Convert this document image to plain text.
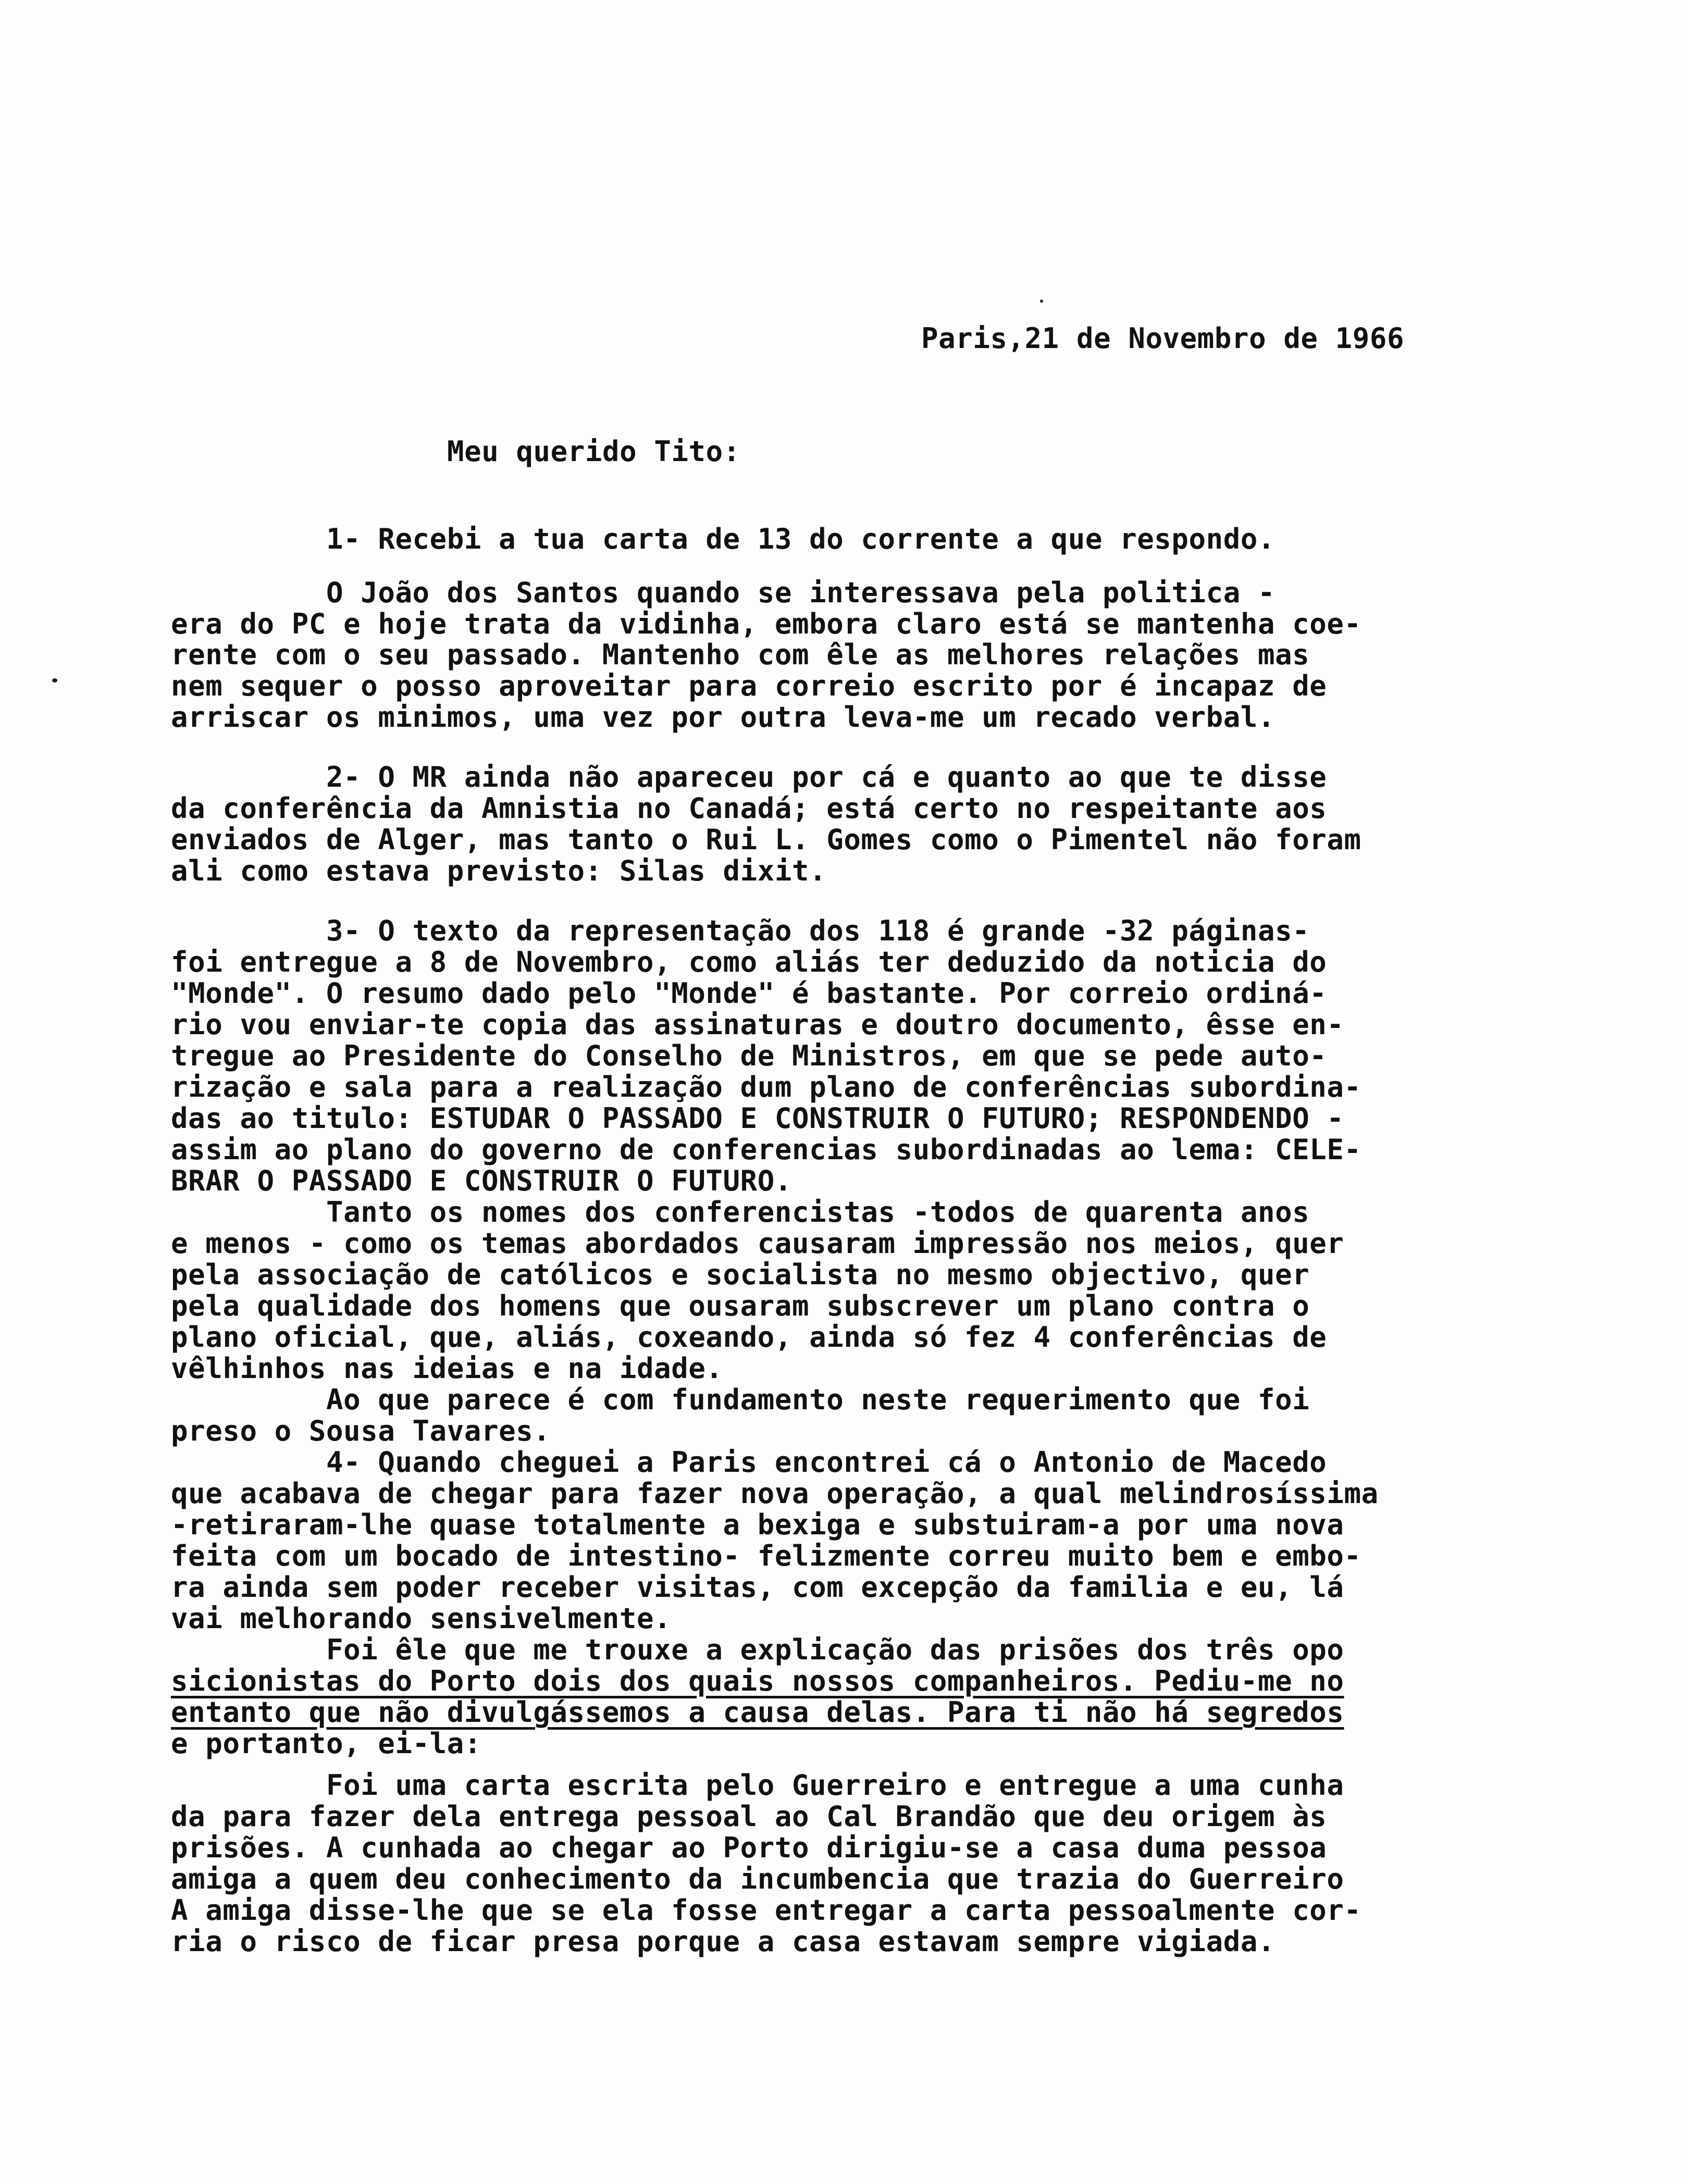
Paris,21 de Novembro de 1966
Meu querido Tito:
1- Recebi a tua carta de 13 do corrente a que respondo.
O João dos Santos quando se interessava pela politica -
era do PC e hoje trata da vidinha, embora claro está se mantenha coe-
rente com o seu passado. Mantenho com êle as melhores relações mas
nem sequer o posso aproveitar para correio escrito por é incapaz de
arriscar os minimos, uma vez por outra leva-me um recado verbal.
2- O MR ainda não apareceu por cá e quanto ao que te disse
da conferência da Amnistia no Canadá; está certo no respeitante aos
enviados de Alger, mas tanto o Rui L. Gomes como o Pimentel não foram
ali como estava previsto: Silas dixit.
3- O texto da representação dos 118 é grande -32 páginas-
foi entregue a 8 de Novembro, como aliás ter deduzido da noticia do
"Monde". O resumo dado pelo "Monde" é bastante. Por correio ordiná-
rio vou enviar-te copia das assinaturas e doutro documento, êsse en-
tregue ao Presidente do Conselho de Ministros, em que se pede auto-
rização e sala para a realização dum plano de conferências subordina-
das ao titulo: ESTUDAR O PASSADO E CONSTRUIR O FUTURO; RESPONDENDO -
assim ao plano do governo de conferencias subordinadas ao lema: CELE-
BRAR O PASSADO E CONSTRUIR O FUTURO.
Tanto os nomes dos conferencistas -todos de quarenta anos
e menos - como os temas abordados causaram impressão nos meios, quer
pela associação de católicos e socialista no mesmo objectivo, quer
pela qualidade dos homens que ousaram subscrever um plano contra o
plano oficial, que, aliás, coxeando, ainda só fez 4 conferências de
vêlhinhos nas ideias e na idade.
Ao que parece é com fundamento neste requerimento que foi
preso o Sousa Tavares.
4- Quando cheguei a Paris encontrei cá o Antonio de Macedo
que acabava de chegar para fazer nova operação, a qual melindrosíssima
-retiraram-lhe quase totalmente a bexiga e substuiram-a por uma nova
feita com um bocado de intestino- felizmente correu muito bem e embo-
ra ainda sem poder receber visitas, com excepção da familia e eu, lá
vai melhorando sensivelmente.
Foi êle que me trouxe a explicação das prisões dos três opo
sicionistas do Porto dois dos quais nossos companheiros. Pediu-me no
entanto que não divulgássemos a causa delas. Para ti não há segredos
e portanto, ei-la:
Foi uma carta escrita pelo Guerreiro e entregue a uma cunha
da para fazer dela entrega pessoal ao Cal Brandão que deu origem às
prisões. A cunhada ao chegar ao Porto dirigiu-se a casa duma pessoa
amiga a quem deu conhecimento da incumbencia que trazia do Guerreiro
A amiga disse-lhe que se ela fosse entregar a carta pessoalmente cor-
ria o risco de ficar presa porque a casa estavam sempre vigiada.
